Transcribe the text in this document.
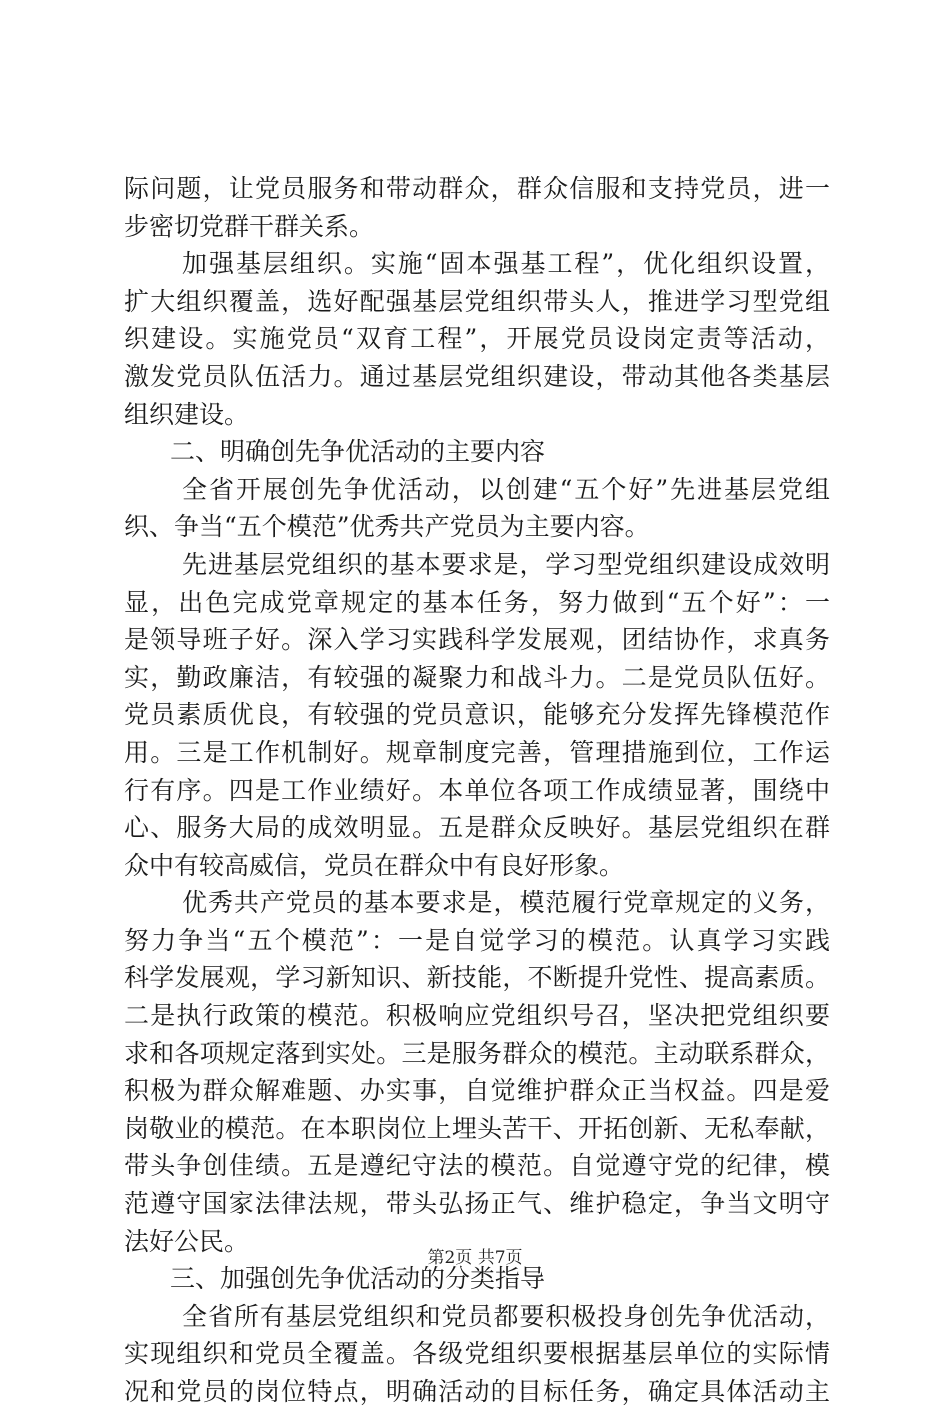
际问题，让党员服务和带动群众，群众信服和支持党员，进一
步密切党群干群关系。
加强基层组织。实施“固本强基工程”，优化组织设置，
扩大组织覆盖，选好配强基层党组织带头人，推进学习型党组
织建设。实施党员“双育工程”，开展党员设岗定责等活动，
激发党员队伍活力。通过基层党组织建设，带动其他各类基层
组织建设。
二、明确创先争优活动的主要内容
全省开展创先争优活动，以创建“五个好”先进基层党组
织、争当“五个模范”优秀共产党员为主要内容。
先进基层党组织的基本要求是，学习型党组织建设成效明
显，出色完成党章规定的基本任务，努力做到“五个好”：一
是领导班子好。深入学习实践科学发展观，团结协作，求真务
实，勤政廉洁，有较强的凝聚力和战斗力。二是党员队伍好。
党员素质优良，有较强的党员意识，能够充分发挥先锋模范作
用。三是工作机制好。规章制度完善，管理措施到位，工作运
行有序。四是工作业绩好。本单位各项工作成绩显著，围绕中
心、服务大局的成效明显。五是群众反映好。基层党组织在群
众中有较高威信，党员在群众中有良好形象。
优秀共产党员的基本要求是，模范履行党章规定的义务，
努力争当“五个模范”：一是自觉学习的模范。认真学习实践
科学发展观，学习新知识、新技能，不断提升党性、提高素质。
二是执行政策的模范。积极响应党组织号召，坚决把党组织要
求和各项规定落到实处。三是服务群众的模范。主动联系群众，
积极为群众解难题、办实事，自觉维护群众正当权益。四是爱
岗敬业的模范。在本职岗位上埋头苦干、开拓创新、无私奉献，
带头争创佳绩。五是遵纪守法的模范。自觉遵守党的纪律，模
范遵守国家法律法规，带头弘扬正气、维护稳定，争当文明守
法好公民。
三、加强创先争优活动的分类指导
全省所有基层党组织和党员都要积极投身创先争优活动，
实现组织和党员全覆盖。各级党组织要根据基层单位的实际情
况和党员的岗位特点，明确活动的目标任务，确定具体活动主
第2页 共7页
